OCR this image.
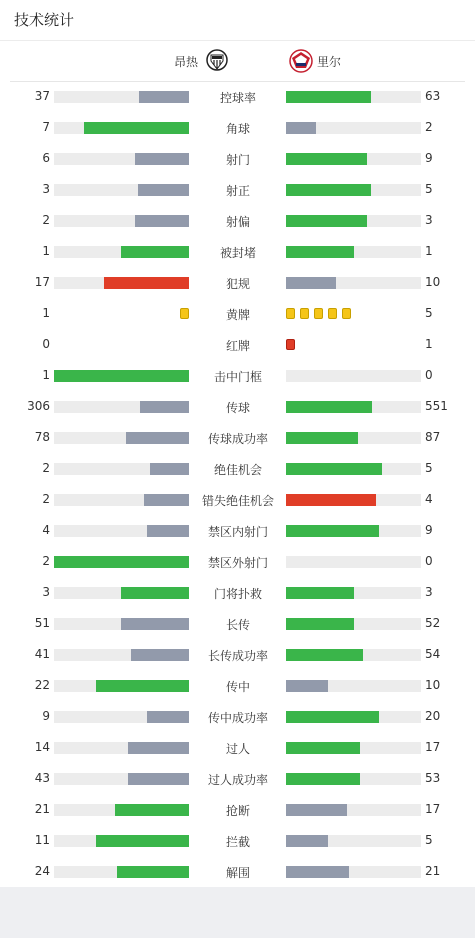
技术统计
昂热	里尔
37	控球率	63
7	角球	2
6	射门	9
3	射正	5
2	射偏	3
1	被封堵	1
17	犯规	10
1	黄牌	5
0	红牌	1
1	击中门框	0
306	传球	551
78	传球成功率	87
2	绝佳机会	5
2	错失绝佳机会	4
4	禁区内射门	9
2	禁区外射门	0
3	门将扑救	3
51	长传	52
41	长传成功率	54
22	传中	10
9	传中成功率	20
14	过人	17
43	过人成功率	53
21	抢断	17
11	拦截	5
24	解围	21
